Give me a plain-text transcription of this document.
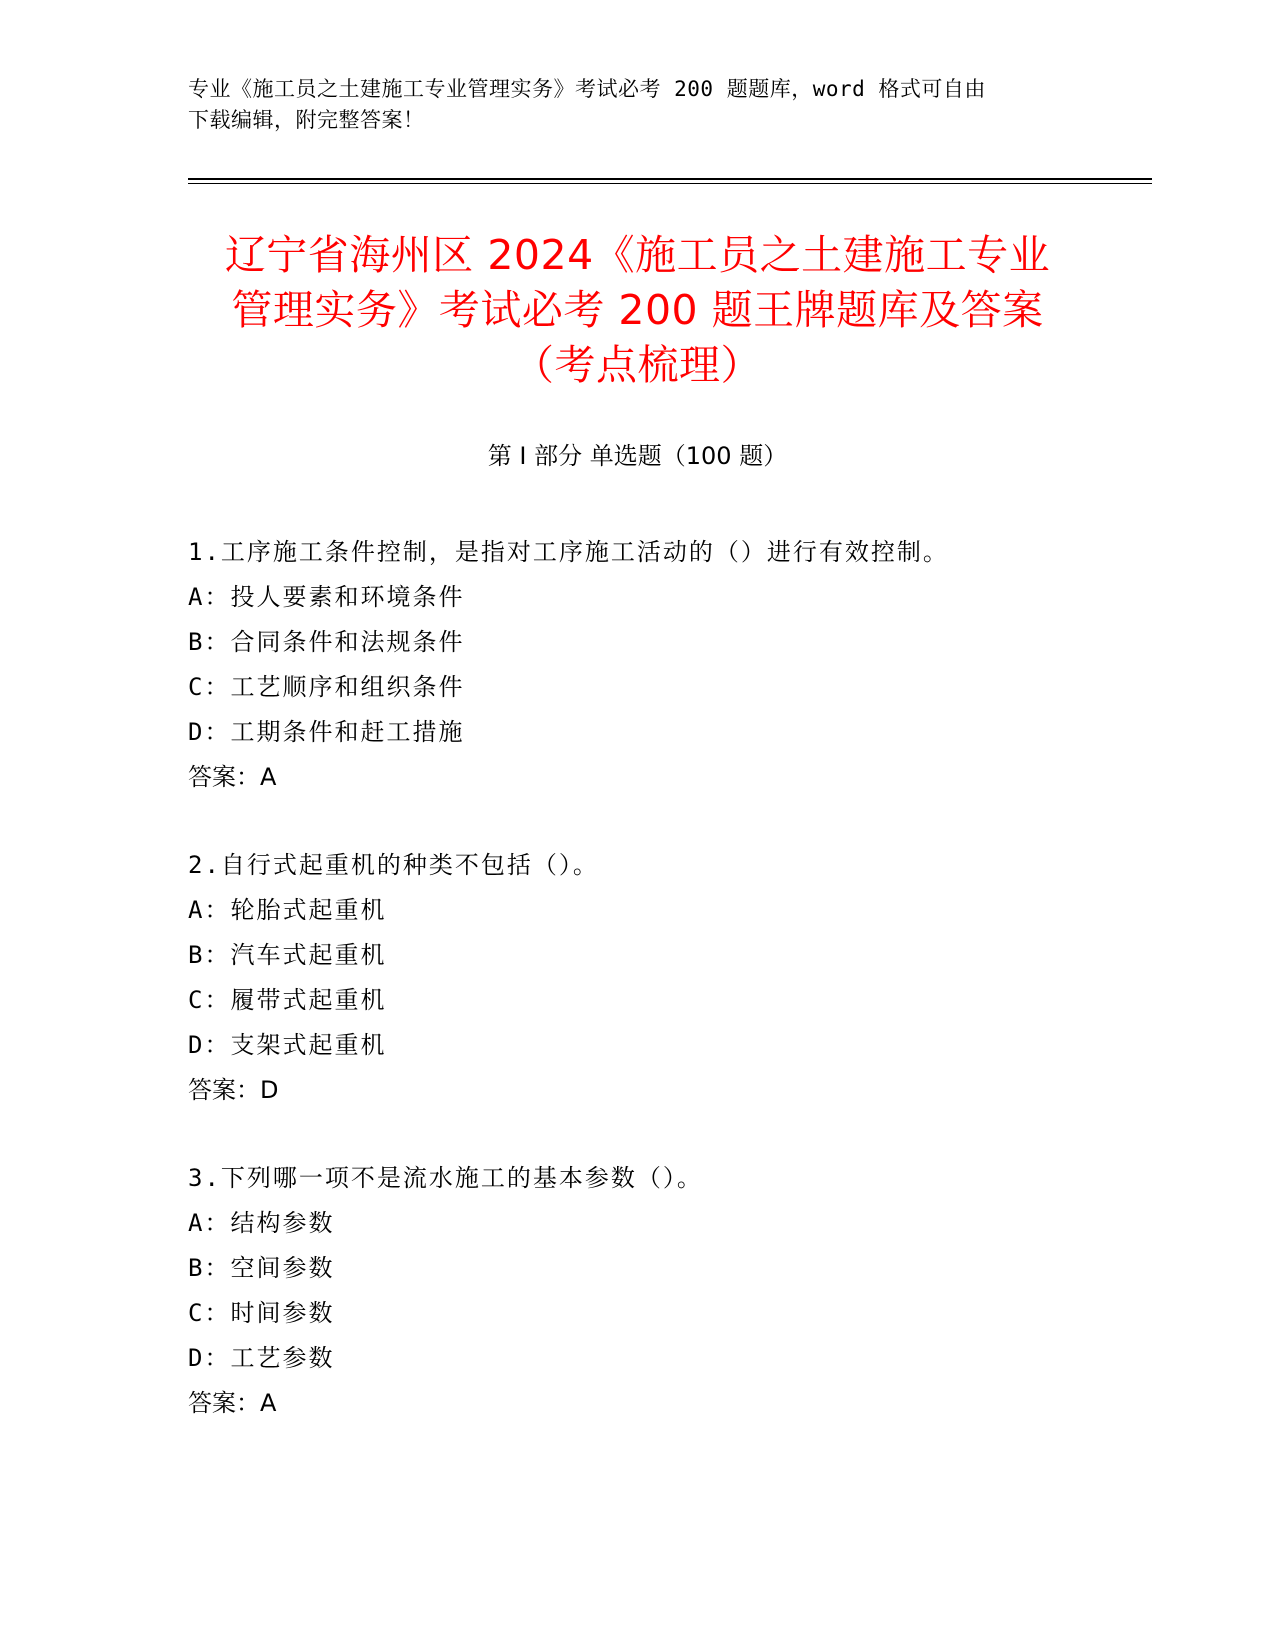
专业《施工员之土建施工专业管理实务》考试必考 200 题题库，word 格式可自由
下载编辑，附完整答案！
辽宁省海州区 2024《施工员之土建施工专业
管理实务》考试必考 200 题王牌题库及答案
（考点梳理）
第 I 部分 单选题（100 题）
1.工序施工条件控制，是指对工序施工活动的（）进行有效控制。
A：投人要素和环境条件
B：合同条件和法规条件
C：工艺顺序和组织条件
D：工期条件和赶工措施
答案：A
2.自行式起重机的种类不包括（）。
A：轮胎式起重机
B：汽车式起重机
C：履带式起重机
D：支架式起重机
答案：D
3.下列哪一项不是流水施工的基本参数（）。
A：结构参数
B：空间参数
C：时间参数
D：工艺参数
答案：A
